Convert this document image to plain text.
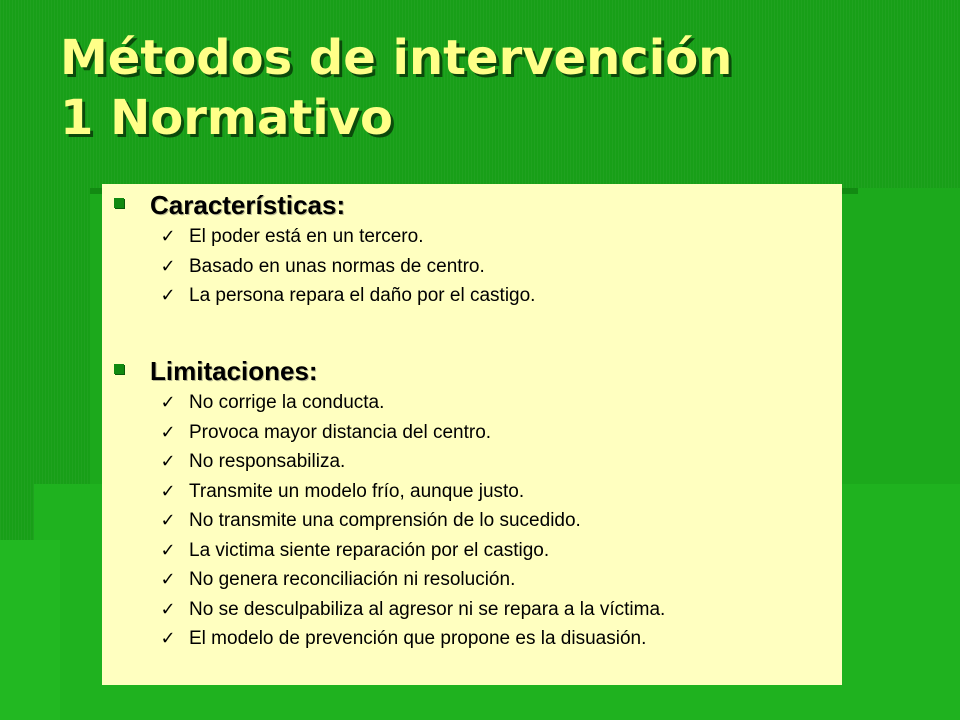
Métodos de intervención
1 Normativo
Características:
✓ El poder está en un tercero.
✓ Basado en unas normas de centro.
✓ La persona repara el daño por el castigo.
Limitaciones:
✓ No corrige la conducta.
✓ Provoca mayor distancia del centro.
✓ No responsabiliza.
✓ Transmite un modelo frío, aunque justo.
✓ No transmite una comprensión de lo sucedido.
✓ La victima siente reparación por el castigo.
✓ No genera reconciliación ni resolución.
✓ No se desculpabiliza al agresor ni se repara a la víctima.
✓ El modelo de prevención que propone es la disuasión.
